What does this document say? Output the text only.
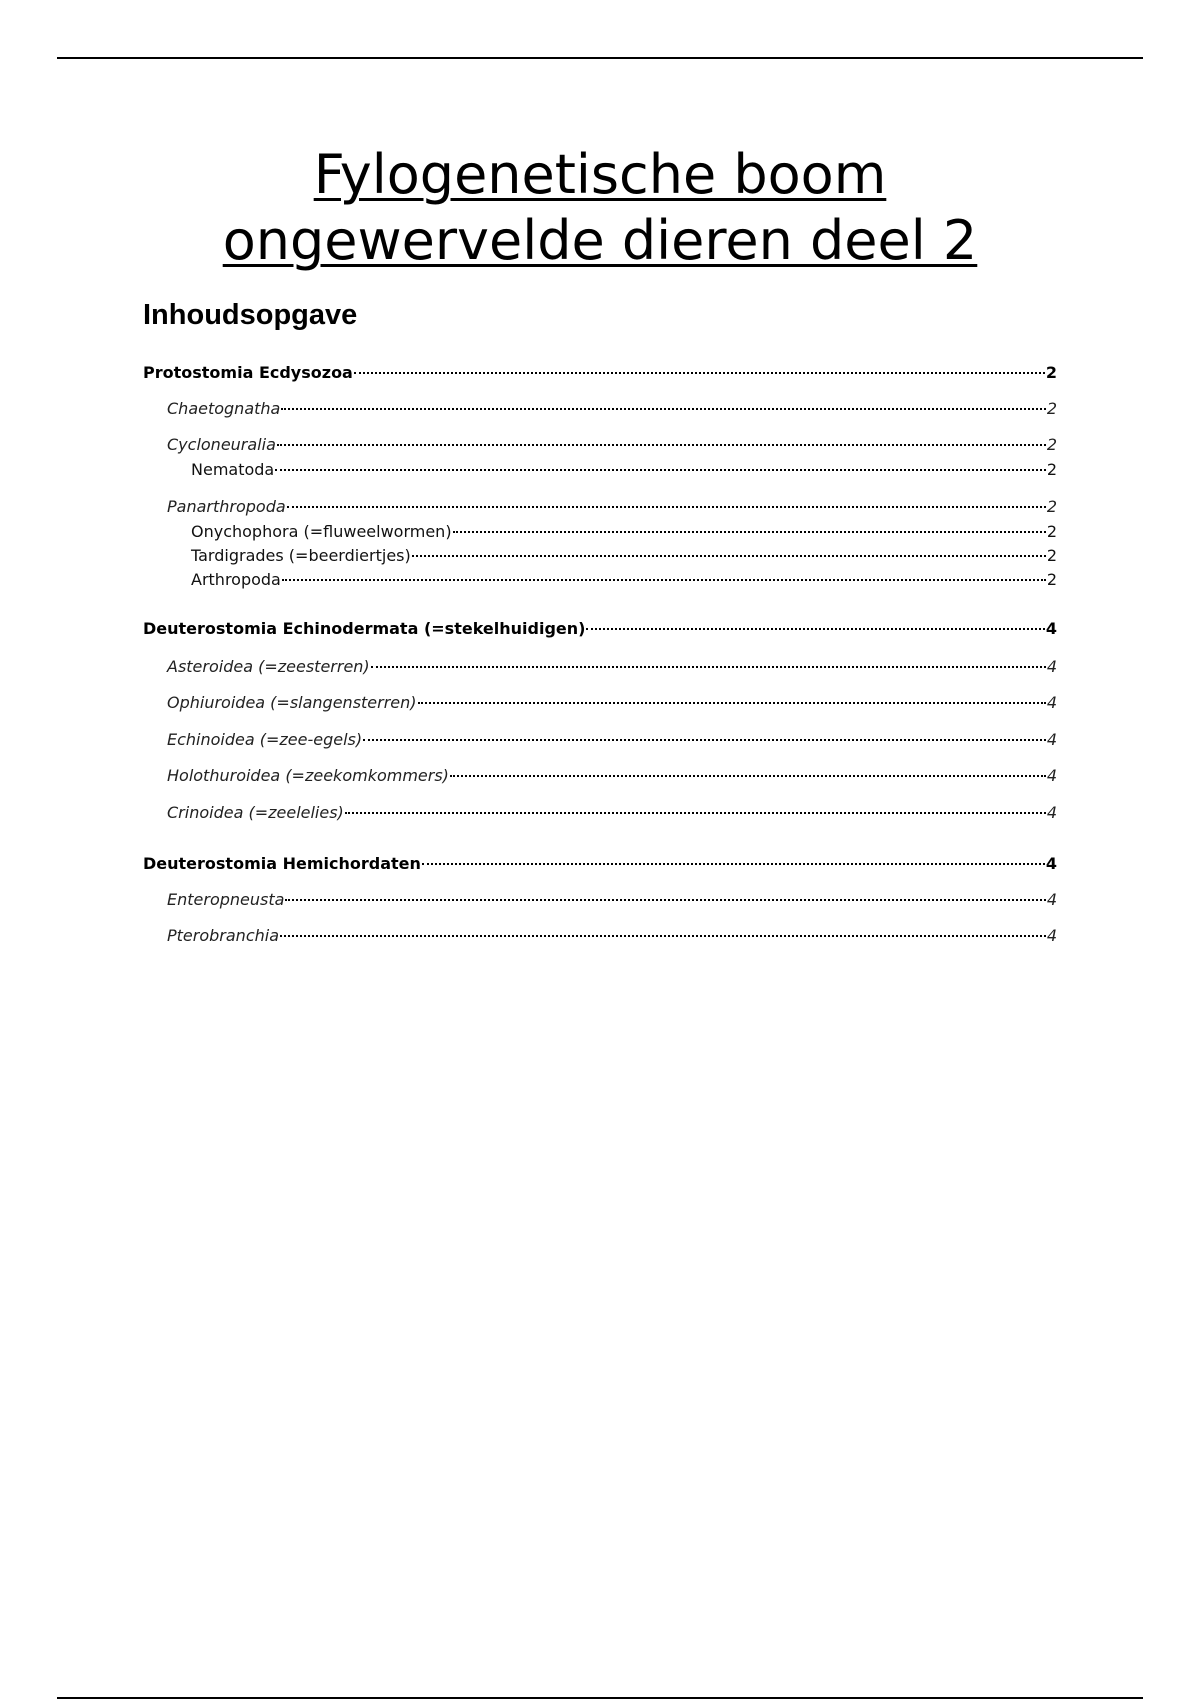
Fylogenetische boom
ongewervelde dieren deel 2
Inhoudsopgave
Protostomia Ecdysozoa	2
Chaetognatha	2
Cycloneuralia	2
Nematoda	2
Panarthropoda	2
Onychophora (=fluweelwormen)	2
Tardigrades (=beerdiertjes)	2
Arthropoda	2
Deuterostomia Echinodermata (=stekelhuidigen)	4
Asteroidea (=zeesterren)	4
Ophiuroidea (=slangensterren)	4
Echinoidea (=zee-egels)	4
Holothuroidea (=zeekomkommers)	4
Crinoidea (=zeelelies)	4
Deuterostomia Hemichordaten	4
Enteropneusta	4
Pterobranchia	4
